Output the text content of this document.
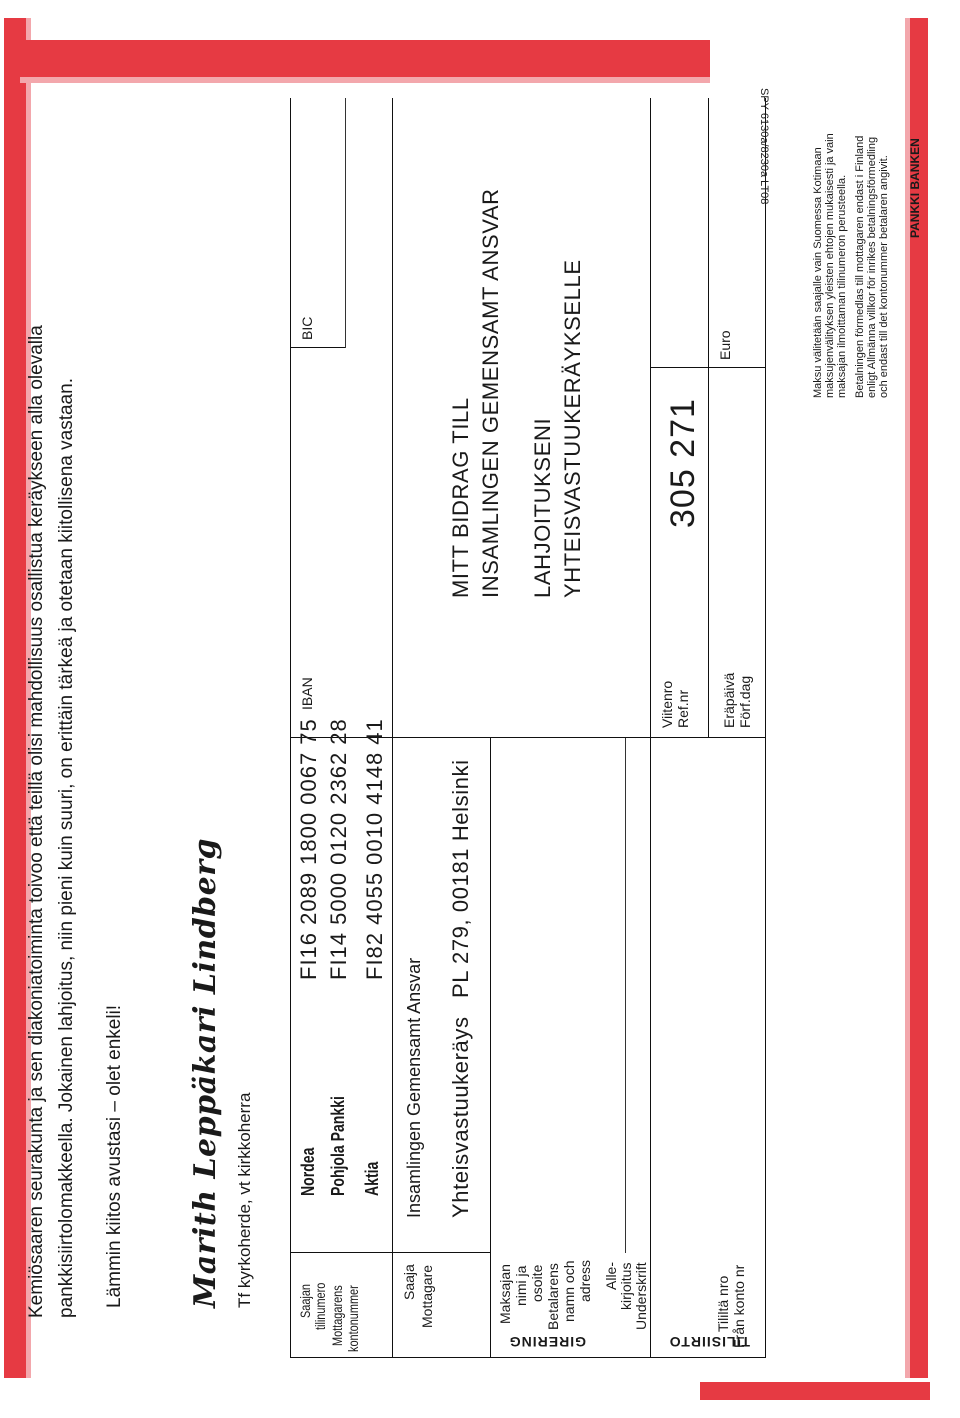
Kemiösaaren seurakunta ja sen diakoniatoiminta toivoo että teillä olisi mahdollisuus osallistua keräykseen alla olevalla pankkisiirtolomakkeella. Jokainen lahjoitus, niin pieni kuin suuri, on erittäin tärkeä ja otetaan kiitollisena vastaan. Lämmin kiitos avustasi – olet enkeli! Marith Leppäkari Lindberg Tf kyrkoherde, vt kirkkoherra
TILISIIRTO
GIRERING
Saajan tilinumero Mottagarens kontonummer
Nordea
FI16 2089 1800 0067 75
Pohjola Pankki
FI14 5000 0120 2362 28
Aktia
FI82 4055 0010 4148 41
IBAN
BIC
Saaja Mottagare
Insamlingen Gemensamt Ansvar Yhteisvastuukeräys
PL 279, 00181 Helsinki
MITT BIDRAG TILL INSAMLINGEN GEMENSAMT ANSVAR LAHJOITUKSENI YHTEISVASTUUKERÄYKSELLE
Maksajan nimi ja osoite Betalarens namn och adress Alle- kirjoitus Underskrift	Tililtä nro Från konto nr
Viitenro Ref.nr
305 271
Eräpäivä Förf.dag
Euro	Maksu välitetään saajalle vain Suomessa Kotimaan maksujenvälityksen yleisten ehtojen mukaisesti ja vain maksajan ilmoittaman tilinumeron perusteella. Betalningen förmedlas till mottagaren endast i Finland enligt Allmänna villkor för inrikes betalningsförmedling och endast till det kontonummer betalaren angivit. PANKKI BANKEN
SPY 6130a/8230a LT08
